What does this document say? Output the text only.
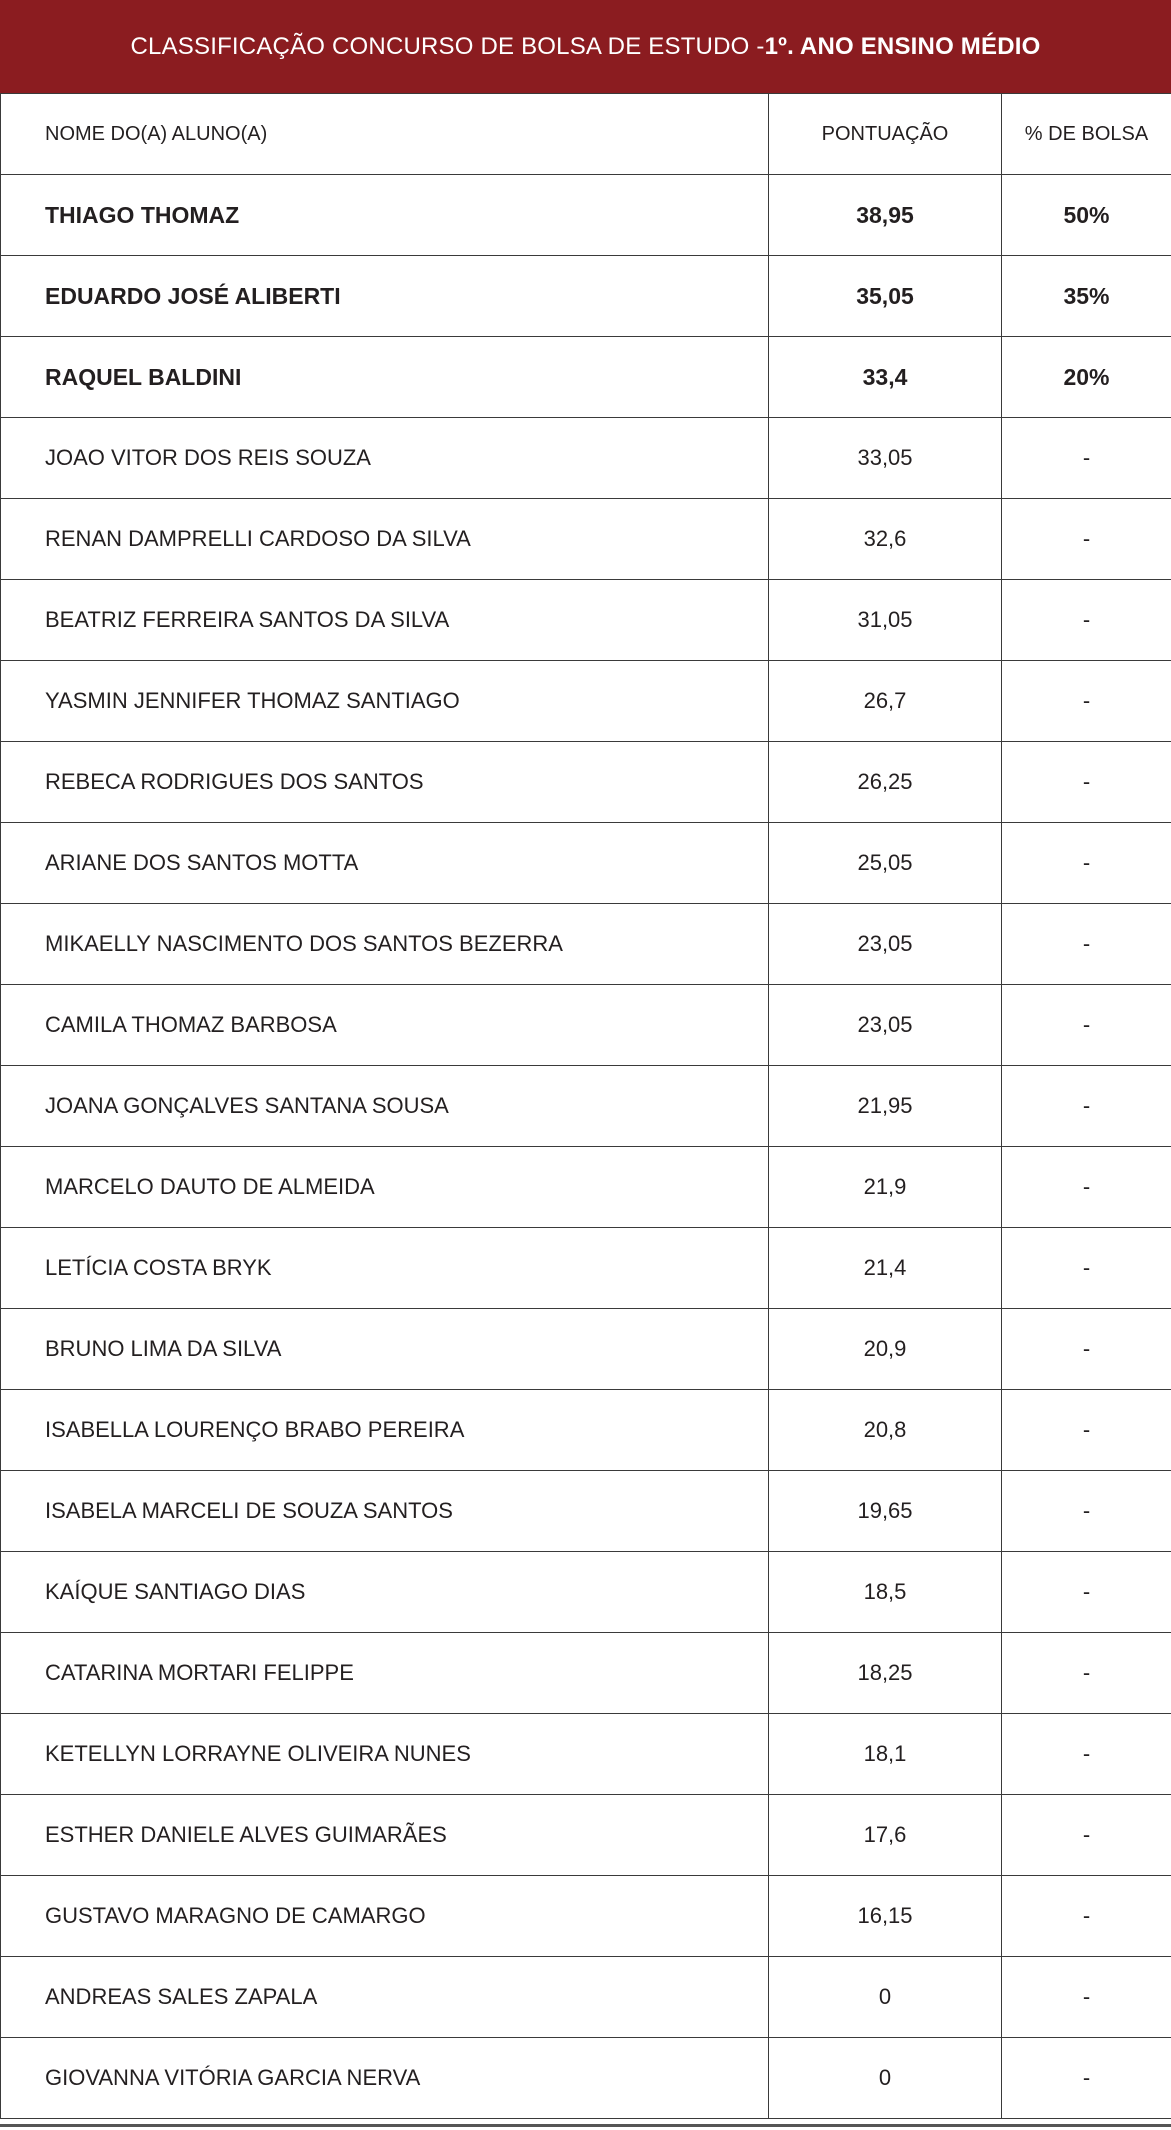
CLASSIFICAÇÃO CONCURSO DE BOLSA DE ESTUDO - 1º. ANO ENSINO MÉDIO
NOME DO(A) ALUNO(A)	PONTUAÇÃO	% DE BOLSA
THIAGO THOMAZ	38,95	50%
EDUARDO JOSÉ ALIBERTI	35,05	35%
RAQUEL BALDINI	33,4	20%
JOAO VITOR DOS REIS SOUZA	33,05	-
RENAN DAMPRELLI CARDOSO DA SILVA	32,6	-
BEATRIZ FERREIRA SANTOS DA SILVA	31,05	-
YASMIN JENNIFER THOMAZ SANTIAGO	26,7	-
REBECA RODRIGUES DOS SANTOS	26,25	-
ARIANE DOS SANTOS MOTTA	25,05	-
MIKAELLY NASCIMENTO DOS SANTOS BEZERRA	23,05	-
CAMILA THOMAZ BARBOSA	23,05	-
JOANA GONÇALVES SANTANA SOUSA	21,95	-
MARCELO DAUTO DE ALMEIDA	21,9	-
LETÍCIA COSTA BRYK	21,4	-
BRUNO LIMA DA SILVA	20,9	-
ISABELLA LOURENÇO BRABO PEREIRA	20,8	-
ISABELA MARCELI DE SOUZA SANTOS	19,65	-
KAÍQUE SANTIAGO DIAS	18,5	-
CATARINA MORTARI FELIPPE	18,25	-
KETELLYN LORRAYNE OLIVEIRA NUNES	18,1	-
ESTHER DANIELE ALVES GUIMARÃES	17,6	-
GUSTAVO MARAGNO DE CAMARGO	16,15	-
ANDREAS SALES ZAPALA	0	-
GIOVANNA VITÓRIA GARCIA NERVA	0	-
